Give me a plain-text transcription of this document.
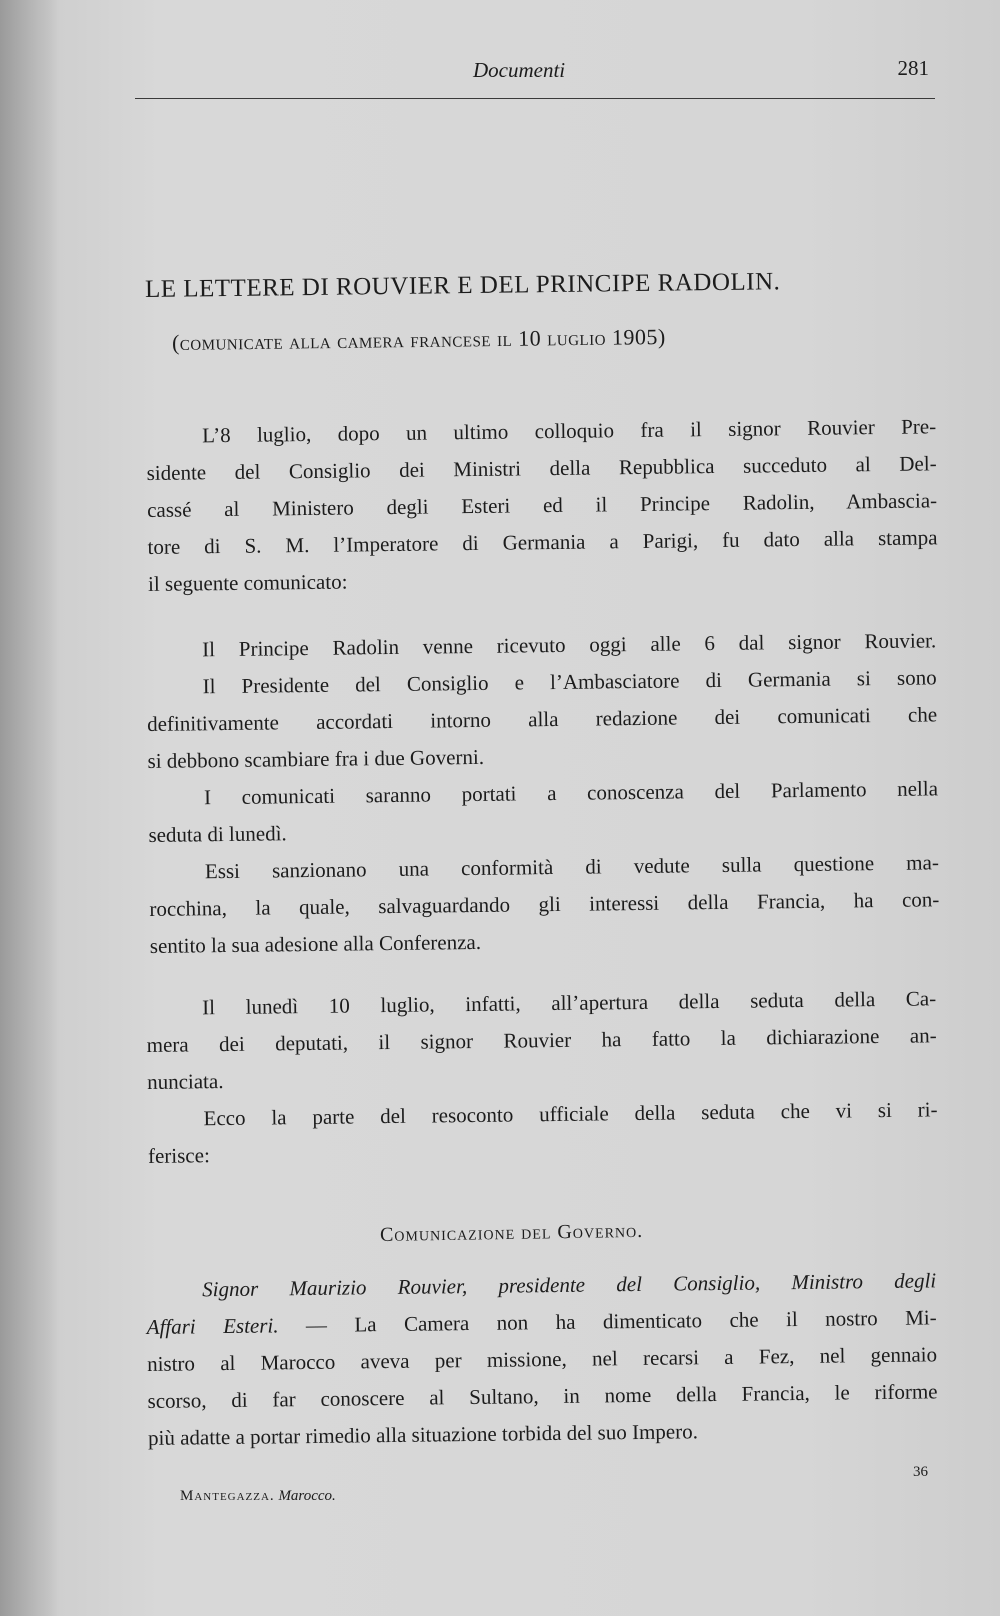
Documenti	281
LE LETTERE DI ROUVIER E DEL PRINCIPE RADOLIN.
(comunicate alla camera francese il 10 luglio 1905)
L’8 luglio, dopo un ultimo colloquio fra il signor Rouvier Pre-
sidente del Consiglio dei Ministri della Repubblica succeduto al Del-
cassé al Ministero degli Esteri ed il Principe Radolin, Ambascia-
tore di S. M. l’Imperatore di Germania a Parigi, fu dato alla stampa
il seguente comunicato:
Il Principe Radolin venne ricevuto oggi alle 6 dal signor Rouvier.
Il Presidente del Consiglio e l’Ambasciatore di Germania si sono
definitivamente accordati intorno alla redazione dei comunicati che
si debbono scambiare fra i due Governi.
I comunicati saranno portati a conoscenza del Parlamento nella
seduta di lunedì.
Essi sanzionano una conformità di vedute sulla questione ma-
rocchina, la quale, salvaguardando gli interessi della Francia, ha con-
sentito la sua adesione alla Conferenza.
Il lunedì 10 luglio, infatti, all’apertura della seduta della Ca-
mera dei deputati, il signor Rouvier ha fatto la dichiarazione an-
nunciata.
Ecco la parte del resoconto ufficiale della seduta che vi si ri-
ferisce:
Comunicazione del Governo.
Signor Maurizio Rouvier, presidente del Consiglio, Ministro degli
Affari Esteri. — La Camera non ha dimenticato che il nostro Mi-
nistro al Marocco aveva per missione, nel recarsi a Fez, nel gennaio
scorso, di far conoscere al Sultano, in nome della Francia, le riforme
più adatte a portar rimedio alla situazione torbida del suo Impero.
Mantegazza. Marocco.
36
